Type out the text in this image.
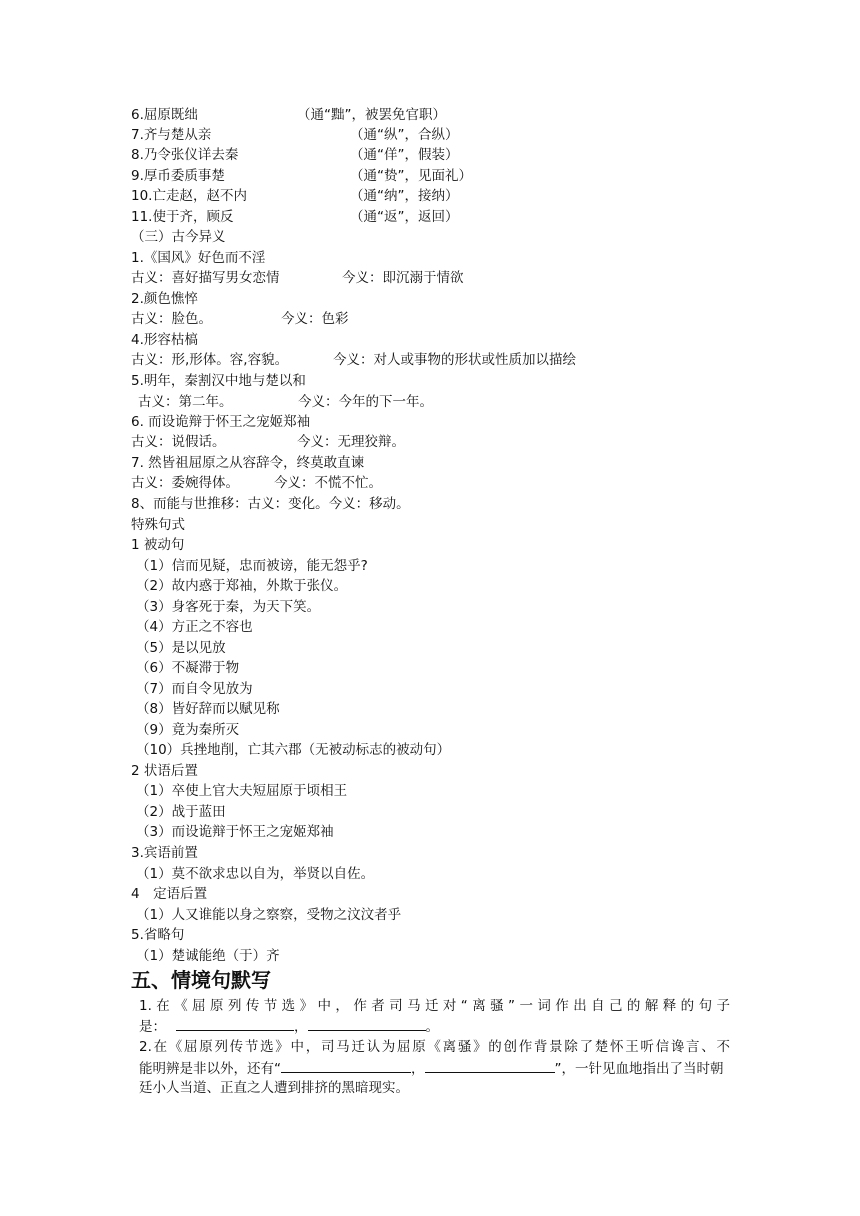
6.屈原既绌	（通“黜”，被罢免官职）
7.齐与楚从亲	（通“纵”，合纵）
8.乃令张仪详去秦	（通“佯”，假装）
9.厚币委质事楚	（通“贽”，见面礼）
10.亡走赵，赵不内	（通“纳”，接纳）
11.使于齐，顾反	（通“返”，返回）
（三）古今异义
1.《国风》好色而不淫
古义：喜好描写男女恋情	今义：即沉溺于情欲
2.颜色憔悴
古义：脸色。	今义：色彩
4.形容枯槁
古义：形,形体。容,容貌。	今义：对人或事物的形状或性质加以描绘
5.明年，秦割汉中地与楚以和
古义：第二年。	今义：今年的下一年。
6. 而设诡辩于怀王之宠姬郑袖
古义：说假话。	今义：无理狡辩。
7. 然皆祖屈原之从容辞令，终莫敢直谏
古义：委婉得体。	今义：不慌不忙。
8、而能与世推移：古义：变化。今义：移动。
特殊句式
1 被动句
（1）信而见疑，忠而被谤，能无怨乎?
（2）故内惑于郑袖，外欺于张仪。
（3）身客死于秦，为天下笑。
（4）方正之不容也
（5）是以见放
（6）不凝滞于物
（7）而自令见放为
（8）皆好辞而以赋见称
（9）竟为秦所灭
（10）兵挫地削，亡其六郡（无被动标志的被动句）
2 状语后置
（1）卒使上官大夫短屈原于顷相王
（2）战于蓝田
（3）而设诡辩于怀王之宠姬郑袖
3.宾语前置
（1）莫不欲求忠以自为，举贤以自佐。
4　定语后置
（1）人又谁能以身之察察，受物之汶汶者乎
5.省略句
（1）楚诚能绝（于）齐
五、情境句默写
1.在《屈原列传节选》中，作者司马迁对“离骚”一词作出自己的解释的句子
是：	，	。
2.在《屈原列传节选》中，司马迁认为屈原《离骚》的创作背景除了楚怀王听信谗言、不
能明辨是非以外，还有“	，	”，一针见血地指出了当时朝
廷小人当道、正直之人遭到排挤的黑暗现实。
